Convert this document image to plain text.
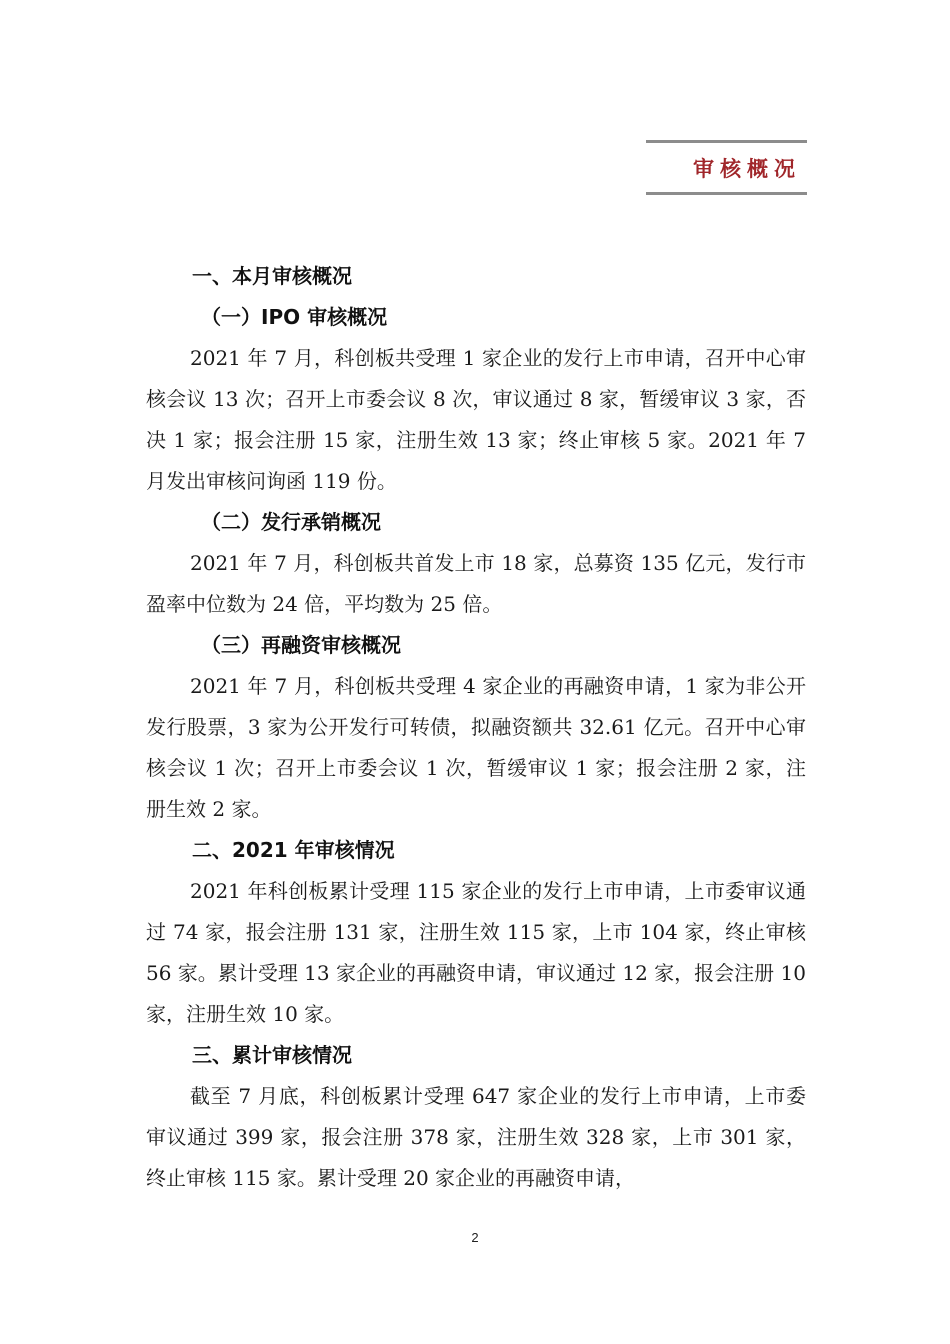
审核概况
一、本月审核概况
（一）IPO 审核概况

2021 年 7 月，科创板共受理 1 家企业的发行上市申请，召开中心审核会议 13 次；召开上市委会议 8 次，审议通过 8 家，暂缓审议 3 家，否决 1 家；报会注册 15 家，注册生效 13 家；终止审核 5 家。2021 年 7 月发出审核问询函 119 份。

（二）发行承销概况

2021 年 7 月，科创板共首发上市 18 家，总募资 135 亿元，发行市盈率中位数为 24 倍，平均数为 25 倍。

（三）再融资审核概况

2021 年 7 月，科创板共受理 4 家企业的再融资申请，1 家为非公开发行股票，3 家为公开发行可转债，拟融资额共 32.61 亿元。召开中心审核会议 1 次；召开上市委会议 1 次，暂缓审议 1 家；报会注册 2 家，注册生效 2 家。

二、2021 年审核情况

2021 年科创板累计受理 115 家企业的发行上市申请，上市委审议通过 74 家，报会注册 131 家，注册生效 115 家，上市 104 家，终止审核 56 家。累计受理 13 家企业的再融资申请，审议通过 12 家，报会注册 10 家，注册生效 10 家。

三、累计审核情况

截至 7 月底，科创板累计受理 647 家企业的发行上市申请，上市委审议通过 399 家，报会注册 378 家，注册生效 328 家，上市 301 家，终止审核 115 家。累计受理 20 家企业的再融资申请，

2
